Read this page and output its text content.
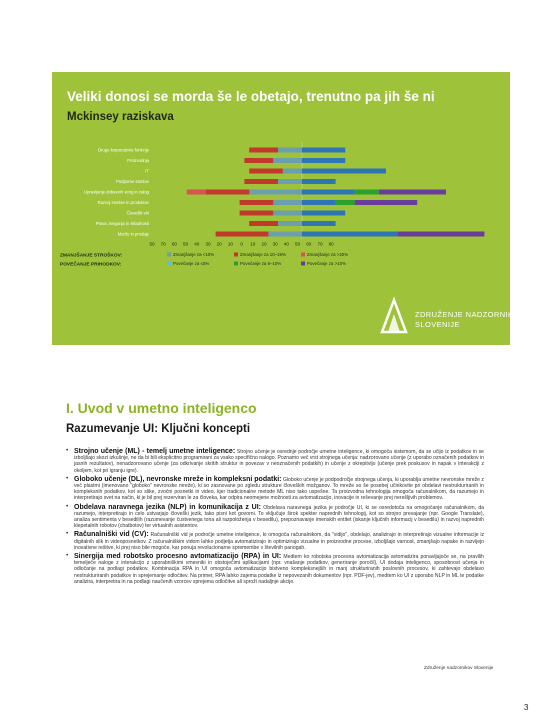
50 70 60 50 40 30 20 10 0 10 20 30 40 50 60 70 80
Druge korporativne funkcije
Proizvodnja
IT
Podporne storitve
Upravljanje dobavnih verig in zalog
Razvoj storitev in produktov
Človeški viri
Prava, tveganja in skladnosti
Marže in prodaje
ZMANJŠANJE STROŠKOV:	Zmanjšanje za <10%	Zmanjšanje za 10–19%	Zmanjšanje za >20%
POVEČANJE PRIHODKOV:	Povečanje za ≤5%	Povečanje za 6–10%	Povečanje za >10%
Veliki donosi se morda še le obetajo, trenutno pa jih še ni
Mckinsey raziskava
ZDRUŽENJE NADZORNIKOV
SLOVENIJE
I. Uvod v umetno inteligenco
Razumevanje UI: Ključni koncepti
• Strojno učenje (ML) - temelj umetne inteligence: Strojno učenje je osrednje področje umetne inteligence, ki omogoča sistemom, da se učijo iz podatkov in se izboljšajo skozi izkušnje, ne da bi bili eksplicitno programirani za vsako specifično nalogo. Poznamo več vrst strojnega učenja: nadzorovano učenje (z uporabo označenih podatkov in jasnih rezultatov), nenadzorovano učenje (za odkrivanje skritih struktur in povezav v neoznačenih podatkih) in učenje z okrepitvijo (učenje prek poskusov in napak v interakciji z okoljem, kot pri igranju igre).
• Globoko učenje (DL), nevronske mreže in kompleksni podatki: Globoko učenje je podpodročje strojnega učenja, ki uporablja umetne nevronske mreže z več plastmi (imenovano "globoko" nevronske mreže), ki so zasnovane po zgledu strukture človeških možganov. To mreže so še posebej učinkovite pri obdelavi nestrukturiranih in kompleksnih podatkov, kot so slike, zvočni posnetki in video, kjer tradicionalne metode ML niso tako uspešne. Ta proizvodna tehnologija omogoča računalnikom, da razumejo in interpretirajo svet na način, ki je bil prej rezerviran le za človeka, kar odpira neomejene možnosti za avtomatizacijo, inovacije in reševanje prej nerešljivih problemov.
• Obdelava naravnega jezika (NLP) in komunikacija z UI: Obdelava naravnega jezika je področje UI, ki se osredotoča na omogočanje računalnikom, da razumejo, interpretirajo in celo ustvarjajo človeški jezik, tako pisni kot govorni. To vključuje širok spekter naprednih tehnologij, kot so strojno prevajanje (npr. Google Translate), analiza sentimenta v besedilih (razumevanje čustvenega tona ali razpoloženja v besedilu), prepoznavanje imenskih entitet (iskanje ključnih informacij v besedilu) in razvoj naprednih klepetalnih robotov (chatbotov) ter virtualnih asistentov.
• Računalniški vid (CV): Računalniški vid je področje umetne inteligence, ki omogoča računalnikom, da "vidijo", obdelajo, analizirajo in interpretirajo vizualne informacije iz digitalnih slik in videoposnetkov. Z računalniškim vidom lahko podjetja avtomatizirajo in optimizirajo vizualne in proizvodne procese, izboljšajo varnost, zmanjšajo napake in razvijejo inovativne rešitve, ki prej niso bile mogoče, kar ponuja revolucionarne spremembe v številnih panogah.
• Sinergija med robotsko procesno avtomatizacijo (RPA) in UI: Medtem ko robotska procesna avtomatizacija avtomatizira ponavljajoče se, na pravilih temelječe naloge z interakcijo z uporabniškimi vmesniki in obstoječimi aplikacijami (npr. vnašanje podatkov, generiranje poročil), UI dodaja inteligenco, sposobnost učenja in odločanje na podlagi podatkov. Kombinacija RPA in UI omogoča avtomatizacijo bistveno kompleksnejših in manj strukturiranih poslovnih procesov, ki zahtevajo obdelavo nestrukturiranih podatkov in sprejemanje odločitev. Na primer, RPA lahko zajema podatke iz nepovezanih dokumentov (npr. PDF-jev), medtem ko UI z uporabo NLP in ML te podatke analizira, interpretira in na podlagi naučenih vzorcev sprejema odločitve ali sproži nadaljnje akcije.
Združenje nadzornikov Slovenije
3
